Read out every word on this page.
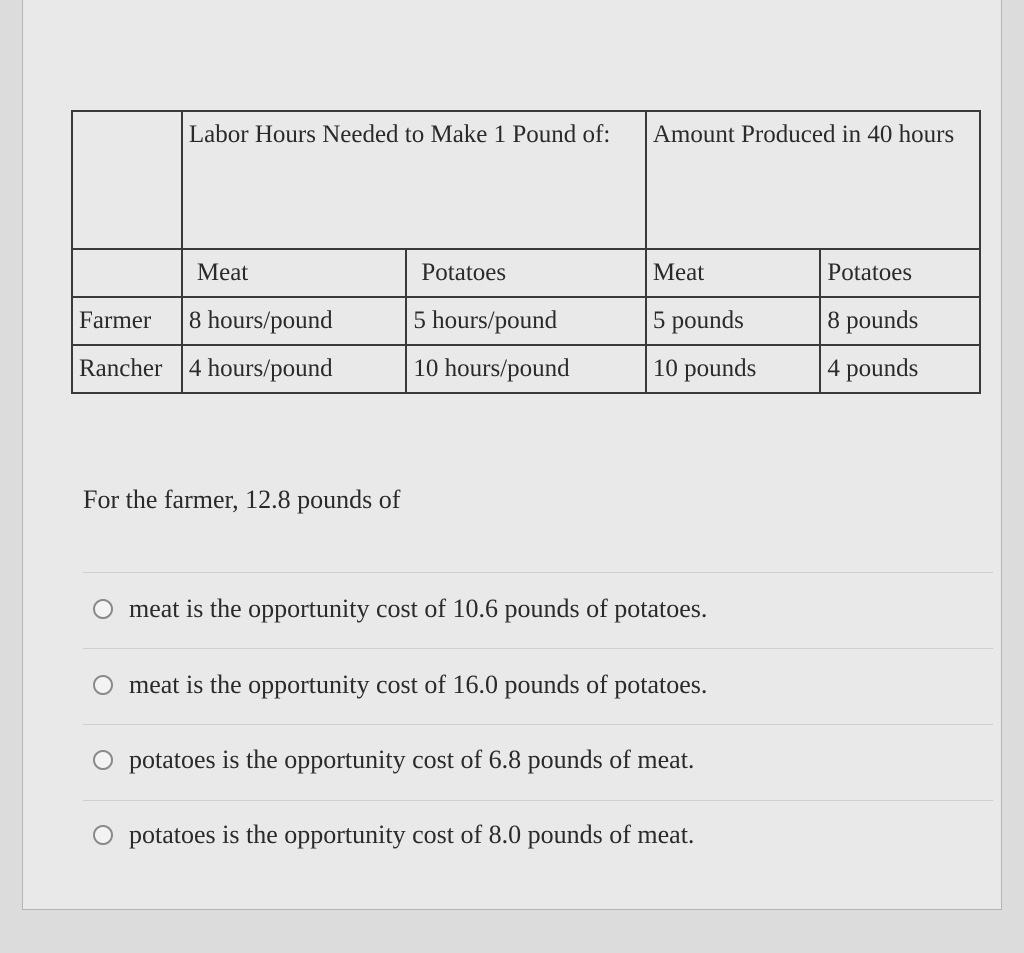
	Labor Hours Needed to Make 1 Pound of:		Amount Produced in 40 hours	
	Meat	Potatoes	Meat	Potatoes
Farmer	8 hours/pound	5 hours/pound	5 pounds	8 pounds
Rancher	4 hours/pound	10 hours/pound	10 pounds	4 pounds
For the farmer, 12.8 pounds of
meat is the opportunity cost of 10.6 pounds of potatoes.
meat is the opportunity cost of 16.0 pounds of potatoes.
potatoes is the opportunity cost of 6.8 pounds of meat.
potatoes is the opportunity cost of 8.0 pounds of meat.
